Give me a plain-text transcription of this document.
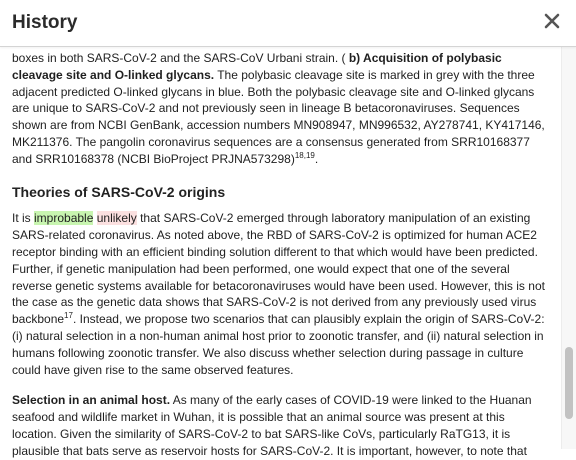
History

boxes in both SARS-CoV-2 and the SARS-CoV Urbani strain. ( b) Acquisition of polybasic cleavage site and O-linked glycans. The polybasic cleavage site is marked in grey with the three adjacent predicted O-linked glycans in blue. Both the polybasic cleavage site and O-linked glycans are unique to SARS-CoV-2 and not previously seen in lineage B betacoronaviruses. Sequences shown are from NCBI GenBank, accession numbers MN908947, MN996532, AY278741, KY417146, MK211376. The pangolin coronavirus sequences are a consensus generated from SRR10168377 and SRR10168378 (NCBI BioProject PRJNA573298)$^{18,19}$.

Theories of SARS-CoV-2 origins

It is improbable unlikely that SARS-CoV-2 emerged through laboratory manipulation of an existing SARS-related coronavirus. As noted above, the RBD of SARS-CoV-2 is optimized for human ACE2 receptor binding with an efficient binding solution different to that which would have been predicted. Further, if genetic manipulation had been performed, one would expect that one of the several reverse genetic systems available for betacoronaviruses would have been used. However, this is not the case as the genetic data shows that SARS-CoV-2 is not derived from any previously used virus backbone$^{17}$. Instead, we propose two scenarios that can plausibly explain the origin of SARS-CoV-2: (i) natural selection in a non-human animal host prior to zoonotic transfer, and (ii) natural selection in humans following zoonotic transfer. We also discuss whether selection during passage in culture could have given rise to the same observed features.

Selection in an animal host. As many of the early cases of COVID-19 were linked to the Huanan seafood and wildlife market in Wuhan, it is possible that an animal source was present at this location. Given the similarity of SARS-CoV-2 to bat SARS-like CoVs, particularly RaTG13, it is plausible that bats serve as reservoir hosts for SARS-CoV-2. It is important, however, to note that
